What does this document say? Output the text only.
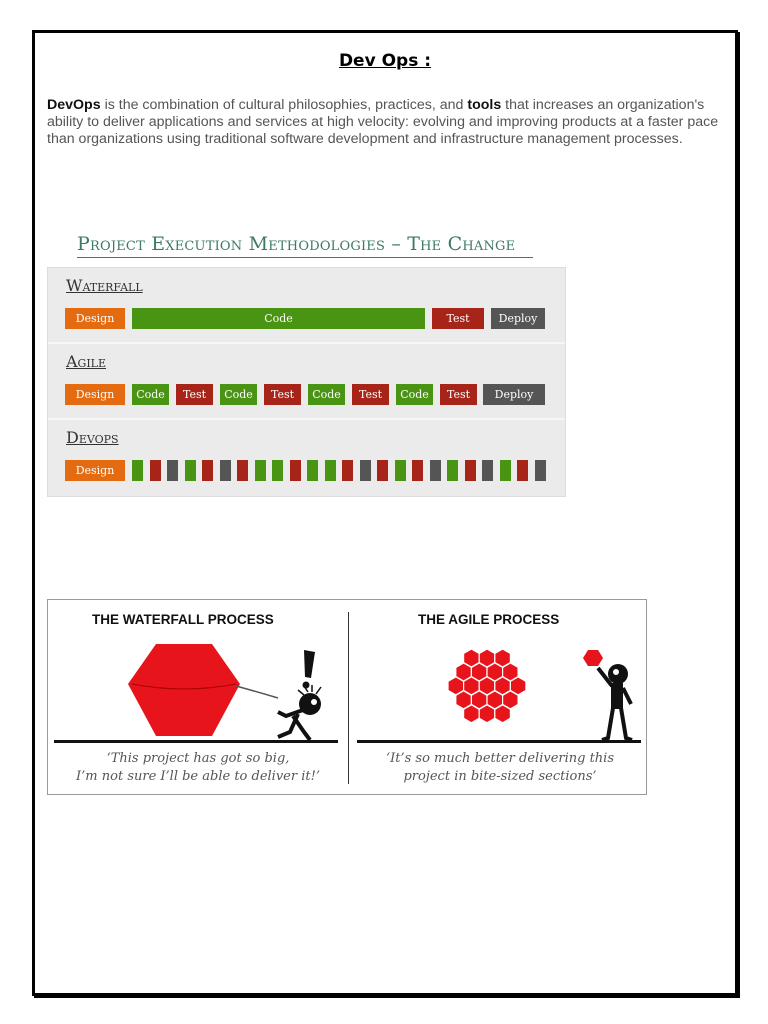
Dev Ops :
DevOps is the combination of cultural philosophies, practices, and tools that increases an organization's ability to deliver applications and services at high velocity: evolving and improving products at a faster pace than organizations using traditional software development and infrastructure management processes.
Project Execution Methodologies – The Change
Waterfall
Design	Code	Test	Deploy
Agile
Design	Code	Test	Code	Test	Code	Test	Code	Test	Deploy
Devops
Design
THE WATERFALL PROCESS	THE AGILE PROCESS
‘This project has got so big,
I’m not sure I’ll be able to deliver it!’
‘It’s so much better delivering this
project in bite-sized sections’
